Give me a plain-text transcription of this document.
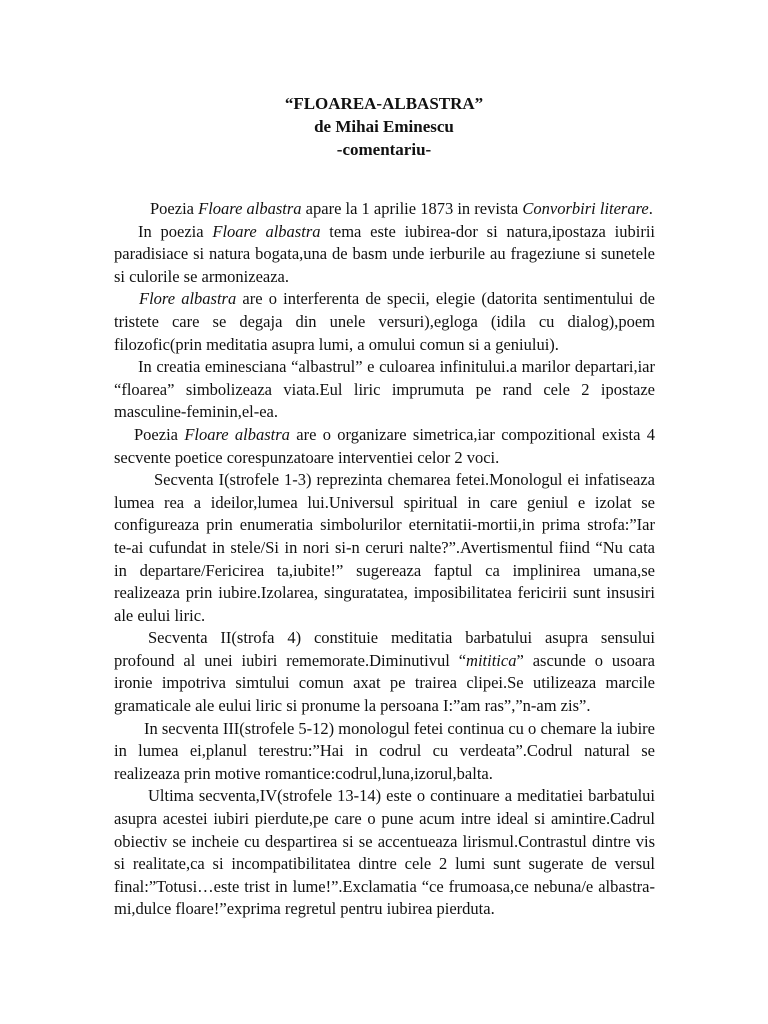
“FLOAREA-ALBASTRA”
de Mihai Eminescu
-comentariu-

Poezia Floare albastra apare la 1 aprilie 1873 in revista Convorbiri literare.

In poezia Floare albastra tema este iubirea-dor si natura,ipostaza iubirii paradisiace si natura bogata,una de basm unde ierburile au frageziune si sunetele si culorile se armonizeaza.

Flore albastra are o interferenta de specii, elegie (datorita sentimentului de tristete care se degaja din unele versuri),egloga (idila cu dialog),poem filozofic(prin meditatia asupra lumi, a omului comun si a geniului).

In creatia eminesciana “albastrul” e culoarea infinitului.a marilor departari,iar “floarea” simbolizeaza viata.Eul liric imprumuta pe rand cele 2 ipostaze masculine-feminin,el-ea.

Poezia Floare albastra are o organizare simetrica,iar compozitional exista 4 secvente poetice corespunzatoare interventiei celor 2 voci.

Secventa I(strofele 1-3) reprezinta chemarea fetei.Monologul ei infatiseaza lumea rea a ideilor,lumea lui.Universul spiritual in care geniul e izolat se configureaza prin enumeratia simbolurilor eternitatii-mortii,in prima strofa:”Iar te-ai cufundat in stele/Si in nori si-n ceruri nalte?”.Avertismentul fiind “Nu cata in departare/Fericirea ta,iubite!” sugereaza faptul ca implinirea umana,se realizeaza prin iubire.Izolarea, singuratatea, imposibilitatea fericirii sunt insusiri ale eului liric.

Secventa II(strofa 4) constituie meditatia barbatului asupra sensului profound al unei iubiri rememorate.Diminutivul “mititica” ascunde o usoara ironie impotriva simtului comun axat pe trairea clipei.Se utilizeaza marcile gramaticale ale eului liric si pronume la persoana I:”am ras”,”n-am zis”.

In secventa III(strofele 5-12) monologul fetei continua cu o chemare la iubire in lumea ei,planul terestru:”Hai in codrul cu verdeata”.Codrul natural se realizeaza prin motive romantice:codrul,luna,izorul,balta.

Ultima secventa,IV(strofele 13-14) este o continuare a meditatiei barbatului asupra acestei iubiri pierdute,pe care o pune acum intre ideal si amintire.Cadrul obiectiv se incheie cu despartirea si se accentueaza lirismul.Contrastul dintre vis si realitate,ca si incompatibilitatea dintre cele 2 lumi sunt sugerate de versul final:”Totusi…este trist in lume!”.Exclamatia “ce frumoasa,ce nebuna/e albastra-mi,dulce floare!”exprima regretul pentru iubirea pierduta.
